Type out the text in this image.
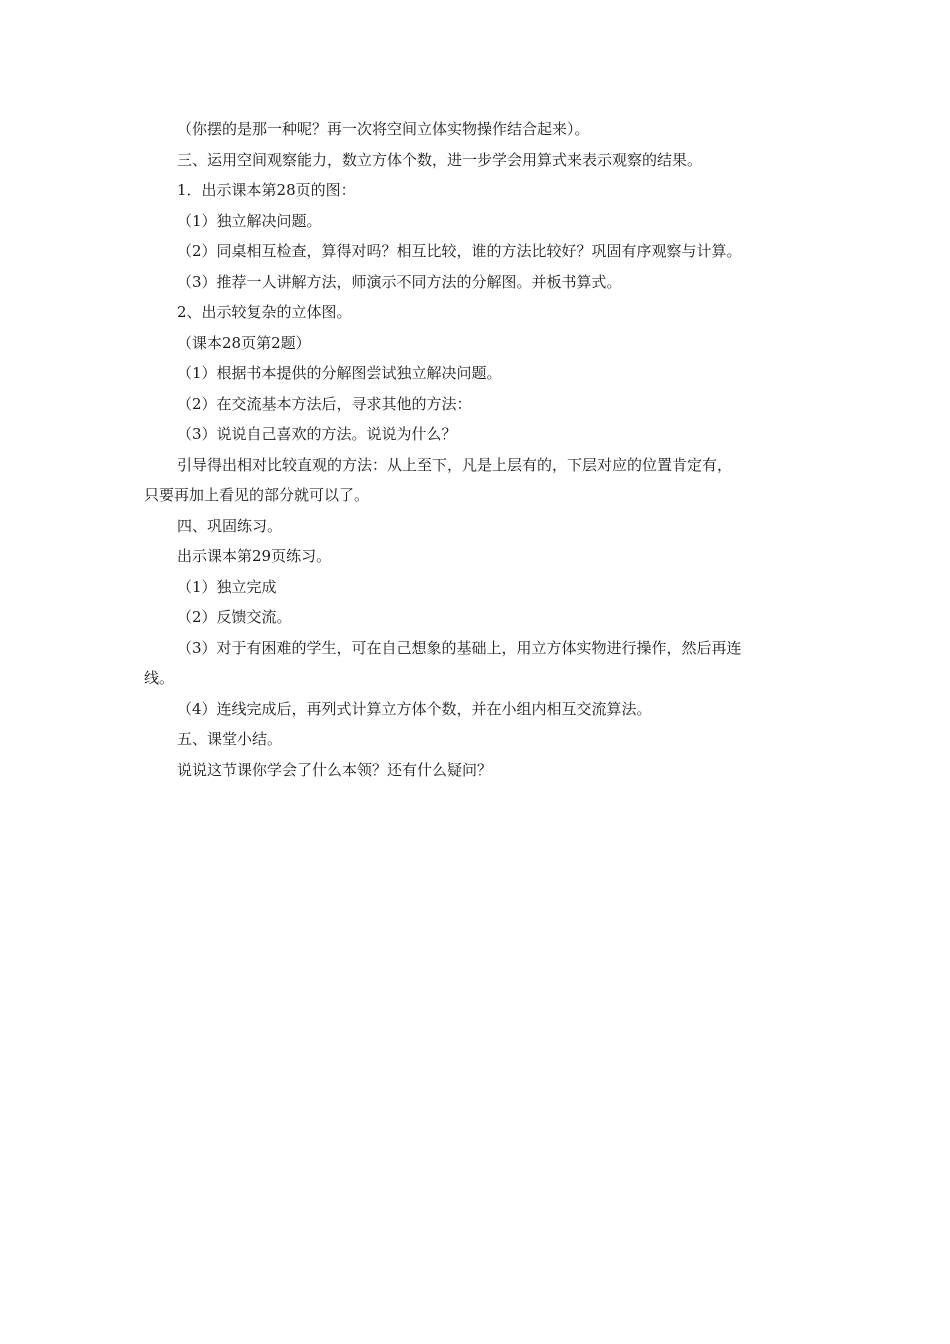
（你摆的是那一种呢？再一次将空间立体实物操作结合起来）。
三、运用空间观察能力，数立方体个数，进一步学会用算式来表示观察的结果。
1．出示课本第28页的图：
（1）独立解决问题。
（2）同桌相互检查，算得对吗？相互比较，谁的方法比较好？巩固有序观察与计算。
（3）推荐一人讲解方法，师演示不同方法的分解图。并板书算式。
2、出示较复杂的立体图。
（课本28页第2题）
（1）根据书本提供的分解图尝试独立解决问题。
（2）在交流基本方法后，寻求其他的方法：
（3）说说自己喜欢的方法。说说为什么？
引导得出相对比较直观的方法：从上至下，凡是上层有的，下层对应的位置肯定有，
只要再加上看见的部分就可以了。
四、巩固练习。
出示课本第29页练习。
（1）独立完成
（2）反馈交流。
（3）对于有困难的学生，可在自己想象的基础上，用立方体实物进行操作，然后再连
线。
（4）连线完成后，再列式计算立方体个数，并在小组内相互交流算法。
五、课堂小结。
说说这节课你学会了什么本领？还有什么疑问？
